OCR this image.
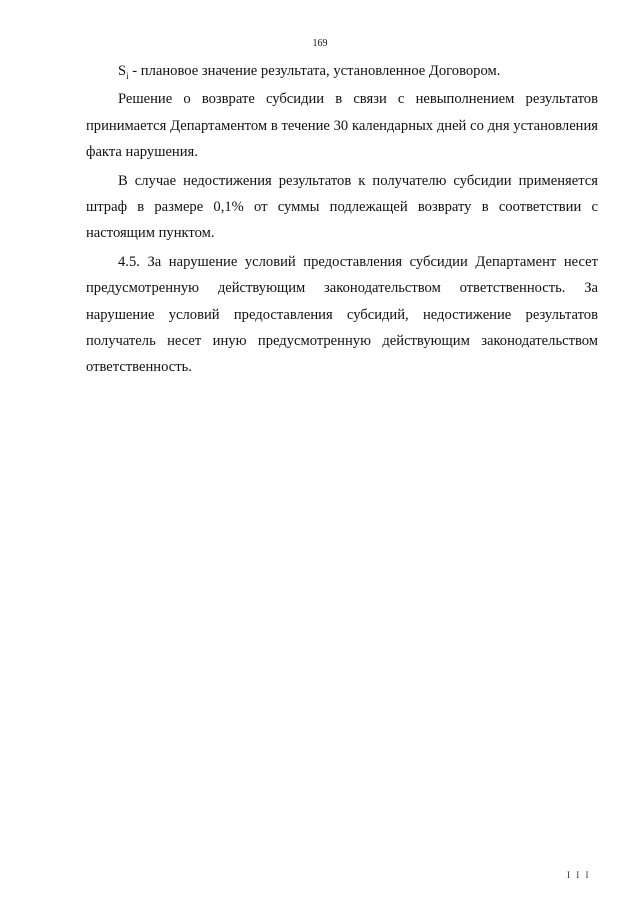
169

$S_i$ - плановое значение результата, установленное Договором.

Решение о возврате субсидии в связи с невыполнением результатов принимается Департаментом в течение 30 календарных дней со дня установления факта нарушения.

В случае недостижения результатов к получателю субсидии применяется штраф в размере 0,1% от суммы подлежащей возврату в соответствии с настоящим пунктом.

4.5. За нарушение условий предоставления субсидии Департамент несет предусмотренную действующим законодательством ответственность. За нарушение условий предоставления субсидий, недостижение результатов получатель несет иную предусмотренную действующим законодательством ответственность.

I I I
